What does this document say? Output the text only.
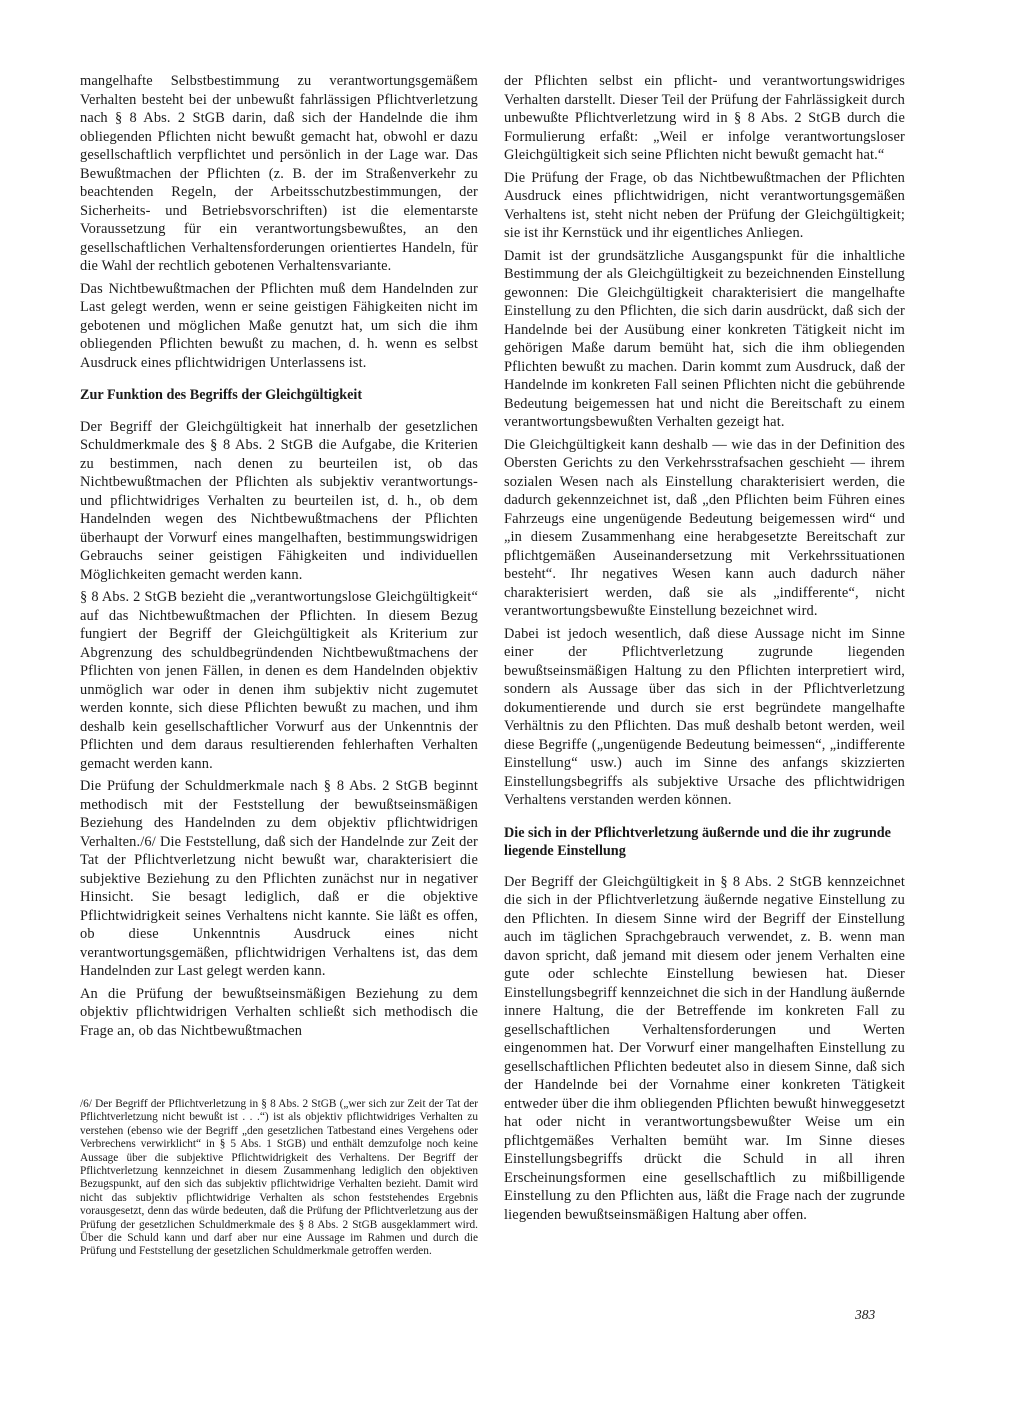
mangelhafte Selbstbestimmung zu verantwortungsgemäßem Verhalten besteht bei der unbewußt fahrlässigen Pflichtverletzung nach § 8 Abs. 2 StGB darin, daß sich der Handelnde die ihm obliegenden Pflichten nicht bewußt gemacht hat, obwohl er dazu gesellschaftlich verpflichtet und persönlich in der Lage war. Das Bewußtmachen der Pflichten (z. B. der im Straßenverkehr zu beachtenden Regeln, der Arbeitsschutzbestimmungen, der Sicherheits- und Betriebsvorschriften) ist die elementarste Voraussetzung für ein verantwortungsbewußtes, an den gesellschaftlichen Verhaltensforderungen orientiertes Handeln, für die Wahl der rechtlich gebotenen Verhaltensvariante.

Das Nichtbewußtmachen der Pflichten muß dem Handelnden zur Last gelegt werden, wenn er seine geistigen Fähigkeiten nicht im gebotenen und möglichen Maße genutzt hat, um sich die ihm obliegenden Pflichten bewußt zu machen, d. h. wenn es selbst Ausdruck eines pflichtwidrigen Unterlassens ist.

Zur Funktion des Begriffs der Gleichgültigkeit

Der Begriff der Gleichgültigkeit hat innerhalb der gesetzlichen Schuldmerkmale des § 8 Abs. 2 StGB die Aufgabe, die Kriterien zu bestimmen, nach denen zu beurteilen ist, ob das Nichtbewußtmachen der Pflichten als subjektiv verantwortungs- und pflichtwidriges Verhalten zu beurteilen ist, d. h., ob dem Handelnden wegen des Nichtbewußtmachens der Pflichten überhaupt der Vorwurf eines mangelhaften, bestimmungswidrigen Gebrauchs seiner geistigen Fähigkeiten und individuellen Möglichkeiten gemacht werden kann.

§ 8 Abs. 2 StGB bezieht die „verantwortungslose Gleichgültigkeit“ auf das Nichtbewußtmachen der Pflichten. In diesem Bezug fungiert der Begriff der Gleichgültigkeit als Kriterium zur Abgrenzung des schuldbegründenden Nichtbewußtmachens der Pflichten von jenen Fällen, in denen es dem Handelnden objektiv unmöglich war oder in denen ihm subjektiv nicht zugemutet werden konnte, sich diese Pflichten bewußt zu machen, und ihm deshalb kein gesellschaftlicher Vorwurf aus der Unkenntnis der Pflichten und dem daraus resultierenden fehlerhaften Verhalten gemacht werden kann.

Die Prüfung der Schuldmerkmale nach § 8 Abs. 2 StGB beginnt methodisch mit der Feststellung der bewußtseinsmäßigen Beziehung des Handelnden zu dem objektiv pflichtwidrigen Verhalten./6/ Die Feststellung, daß sich der Handelnde zur Zeit der Tat der Pflichtverletzung nicht bewußt war, charakterisiert die subjektive Beziehung zu den Pflichten zunächst nur in negativer Hinsicht. Sie besagt lediglich, daß er die objektive Pflichtwidrigkeit seines Verhaltens nicht kannte. Sie läßt es offen, ob diese Unkenntnis Ausdruck eines nicht verantwortungsgemäßen, pflichtwidrigen Verhaltens ist, das dem Handelnden zur Last gelegt werden kann.

An die Prüfung der bewußtseinsmäßigen Beziehung zu dem objektiv pflichtwidrigen Verhalten schließt sich methodisch die Frage an, ob das Nichtbewußtmachen

/6/ Der Begriff der Pflichtverletzung in § 8 Abs. 2 StGB („wer sich zur Zeit der Tat der Pflichtverletzung nicht bewußt ist . . .“) ist als objektiv pflichtwidriges Verhalten zu verstehen (ebenso wie der Begriff „den gesetzlichen Tatbestand eines Vergehens oder Verbrechens verwirklicht“ in § 5 Abs. 1 StGB) und enthält demzufolge noch keine Aussage über die subjektive Pflichtwidrigkeit des Verhaltens. Der Begriff der Pflichtverletzung kennzeichnet in diesem Zusammenhang lediglich den objektiven Bezugspunkt, auf den sich das subjektiv pflichtwidrige Verhalten bezieht. Damit wird nicht das subjektiv pflichtwidrige Verhalten als schon feststehendes Ergebnis vorausgesetzt, denn das würde bedeuten, daß die Prüfung der Pflichtverletzung aus der Prüfung der gesetzlichen Schuldmerkmale des § 8 Abs. 2 StGB ausgeklammert wird. Über die Schuld kann und darf aber nur eine Aussage im Rahmen und durch die Prüfung und Feststellung der gesetzlichen Schuldmerkmale getroffen werden.

der Pflichten selbst ein pflicht- und verantwortungswidriges Verhalten darstellt. Dieser Teil der Prüfung der Fahrlässigkeit durch unbewußte Pflichtverletzung wird in § 8 Abs. 2 StGB durch die Formulierung erfaßt: „Weil er infolge verantwortungsloser Gleichgültigkeit sich seine Pflichten nicht bewußt gemacht hat.“

Die Prüfung der Frage, ob das Nichtbewußtmachen der Pflichten Ausdruck eines pflichtwidrigen, nicht verantwortungsgemäßen Verhaltens ist, steht nicht neben der Prüfung der Gleichgültigkeit; sie ist ihr Kernstück und ihr eigentliches Anliegen.

Damit ist der grundsätzliche Ausgangspunkt für die inhaltliche Bestimmung der als Gleichgültigkeit zu bezeichnenden Einstellung gewonnen: Die Gleichgültigkeit charakterisiert die mangelhafte Einstellung zu den Pflichten, die sich darin ausdrückt, daß sich der Handelnde bei der Ausübung einer konkreten Tätigkeit nicht im gehörigen Maße darum bemüht hat, sich die ihm obliegenden Pflichten bewußt zu machen. Darin kommt zum Ausdruck, daß der Handelnde im konkreten Fall seinen Pflichten nicht die gebührende Bedeutung beigemessen hat und nicht die Bereitschaft zu einem verantwortungsbewußten Verhalten gezeigt hat.

Die Gleichgültigkeit kann deshalb — wie das in der Definition des Obersten Gerichts zu den Verkehrsstrafsachen geschieht — ihrem sozialen Wesen nach als Einstellung charakterisiert werden, die dadurch gekennzeichnet ist, daß „den Pflichten beim Führen eines Fahrzeugs eine ungenügende Bedeutung beigemessen wird“ und „in diesem Zusammenhang eine herabgesetzte Bereitschaft zur pflichtgemäßen Auseinandersetzung mit Verkehrssituationen besteht“. Ihr negatives Wesen kann auch dadurch näher charakterisiert werden, daß sie als „indifferente“, nicht verantwortungsbewußte Einstellung bezeichnet wird.

Dabei ist jedoch wesentlich, daß diese Aussage nicht im Sinne einer der Pflichtverletzung zugrunde liegenden bewußtseinsmäßigen Haltung zu den Pflichten interpretiert wird, sondern als Aussage über das sich in der Pflichtverletzung dokumentierende und durch sie erst begründete mangelhafte Verhältnis zu den Pflichten. Das muß deshalb betont werden, weil diese Begriffe („ungenügende Bedeutung beimessen“, „indifferente Einstellung“ usw.) auch im Sinne des anfangs skizzierten Einstellungsbegriffs als subjektive Ursache des pflichtwidrigen Verhaltens verstanden werden können.

Die sich in der Pflichtverletzung äußernde und die ihr zugrunde liegende Einstellung

Der Begriff der Gleichgültigkeit in § 8 Abs. 2 StGB kennzeichnet die sich in der Pflichtverletzung äußernde negative Einstellung zu den Pflichten. In diesem Sinne wird der Begriff der Einstellung auch im täglichen Sprachgebrauch verwendet, z. B. wenn man davon spricht, daß jemand mit diesem oder jenem Verhalten eine gute oder schlechte Einstellung bewiesen hat. Dieser Einstellungsbegriff kennzeichnet die sich in der Handlung äußernde innere Haltung, die der Betreffende im konkreten Fall zu gesellschaftlichen Verhaltensforderungen und Werten eingenommen hat. Der Vorwurf einer mangelhaften Einstellung zu gesellschaftlichen Pflichten bedeutet also in diesem Sinne, daß sich der Handelnde bei der Vornahme einer konkreten Tätigkeit entweder über die ihm obliegenden Pflichten bewußt hinweggesetzt hat oder nicht in verantwortungsbewußter Weise um ein pflichtgemäßes Verhalten bemüht war. Im Sinne dieses Einstellungsbegriffs drückt die Schuld in all ihren Erscheinungsformen eine gesellschaftlich zu mißbilligende Einstellung zu den Pflichten aus, läßt die Frage nach der zugrunde liegenden bewußtseinsmäßigen Haltung aber offen.

383
